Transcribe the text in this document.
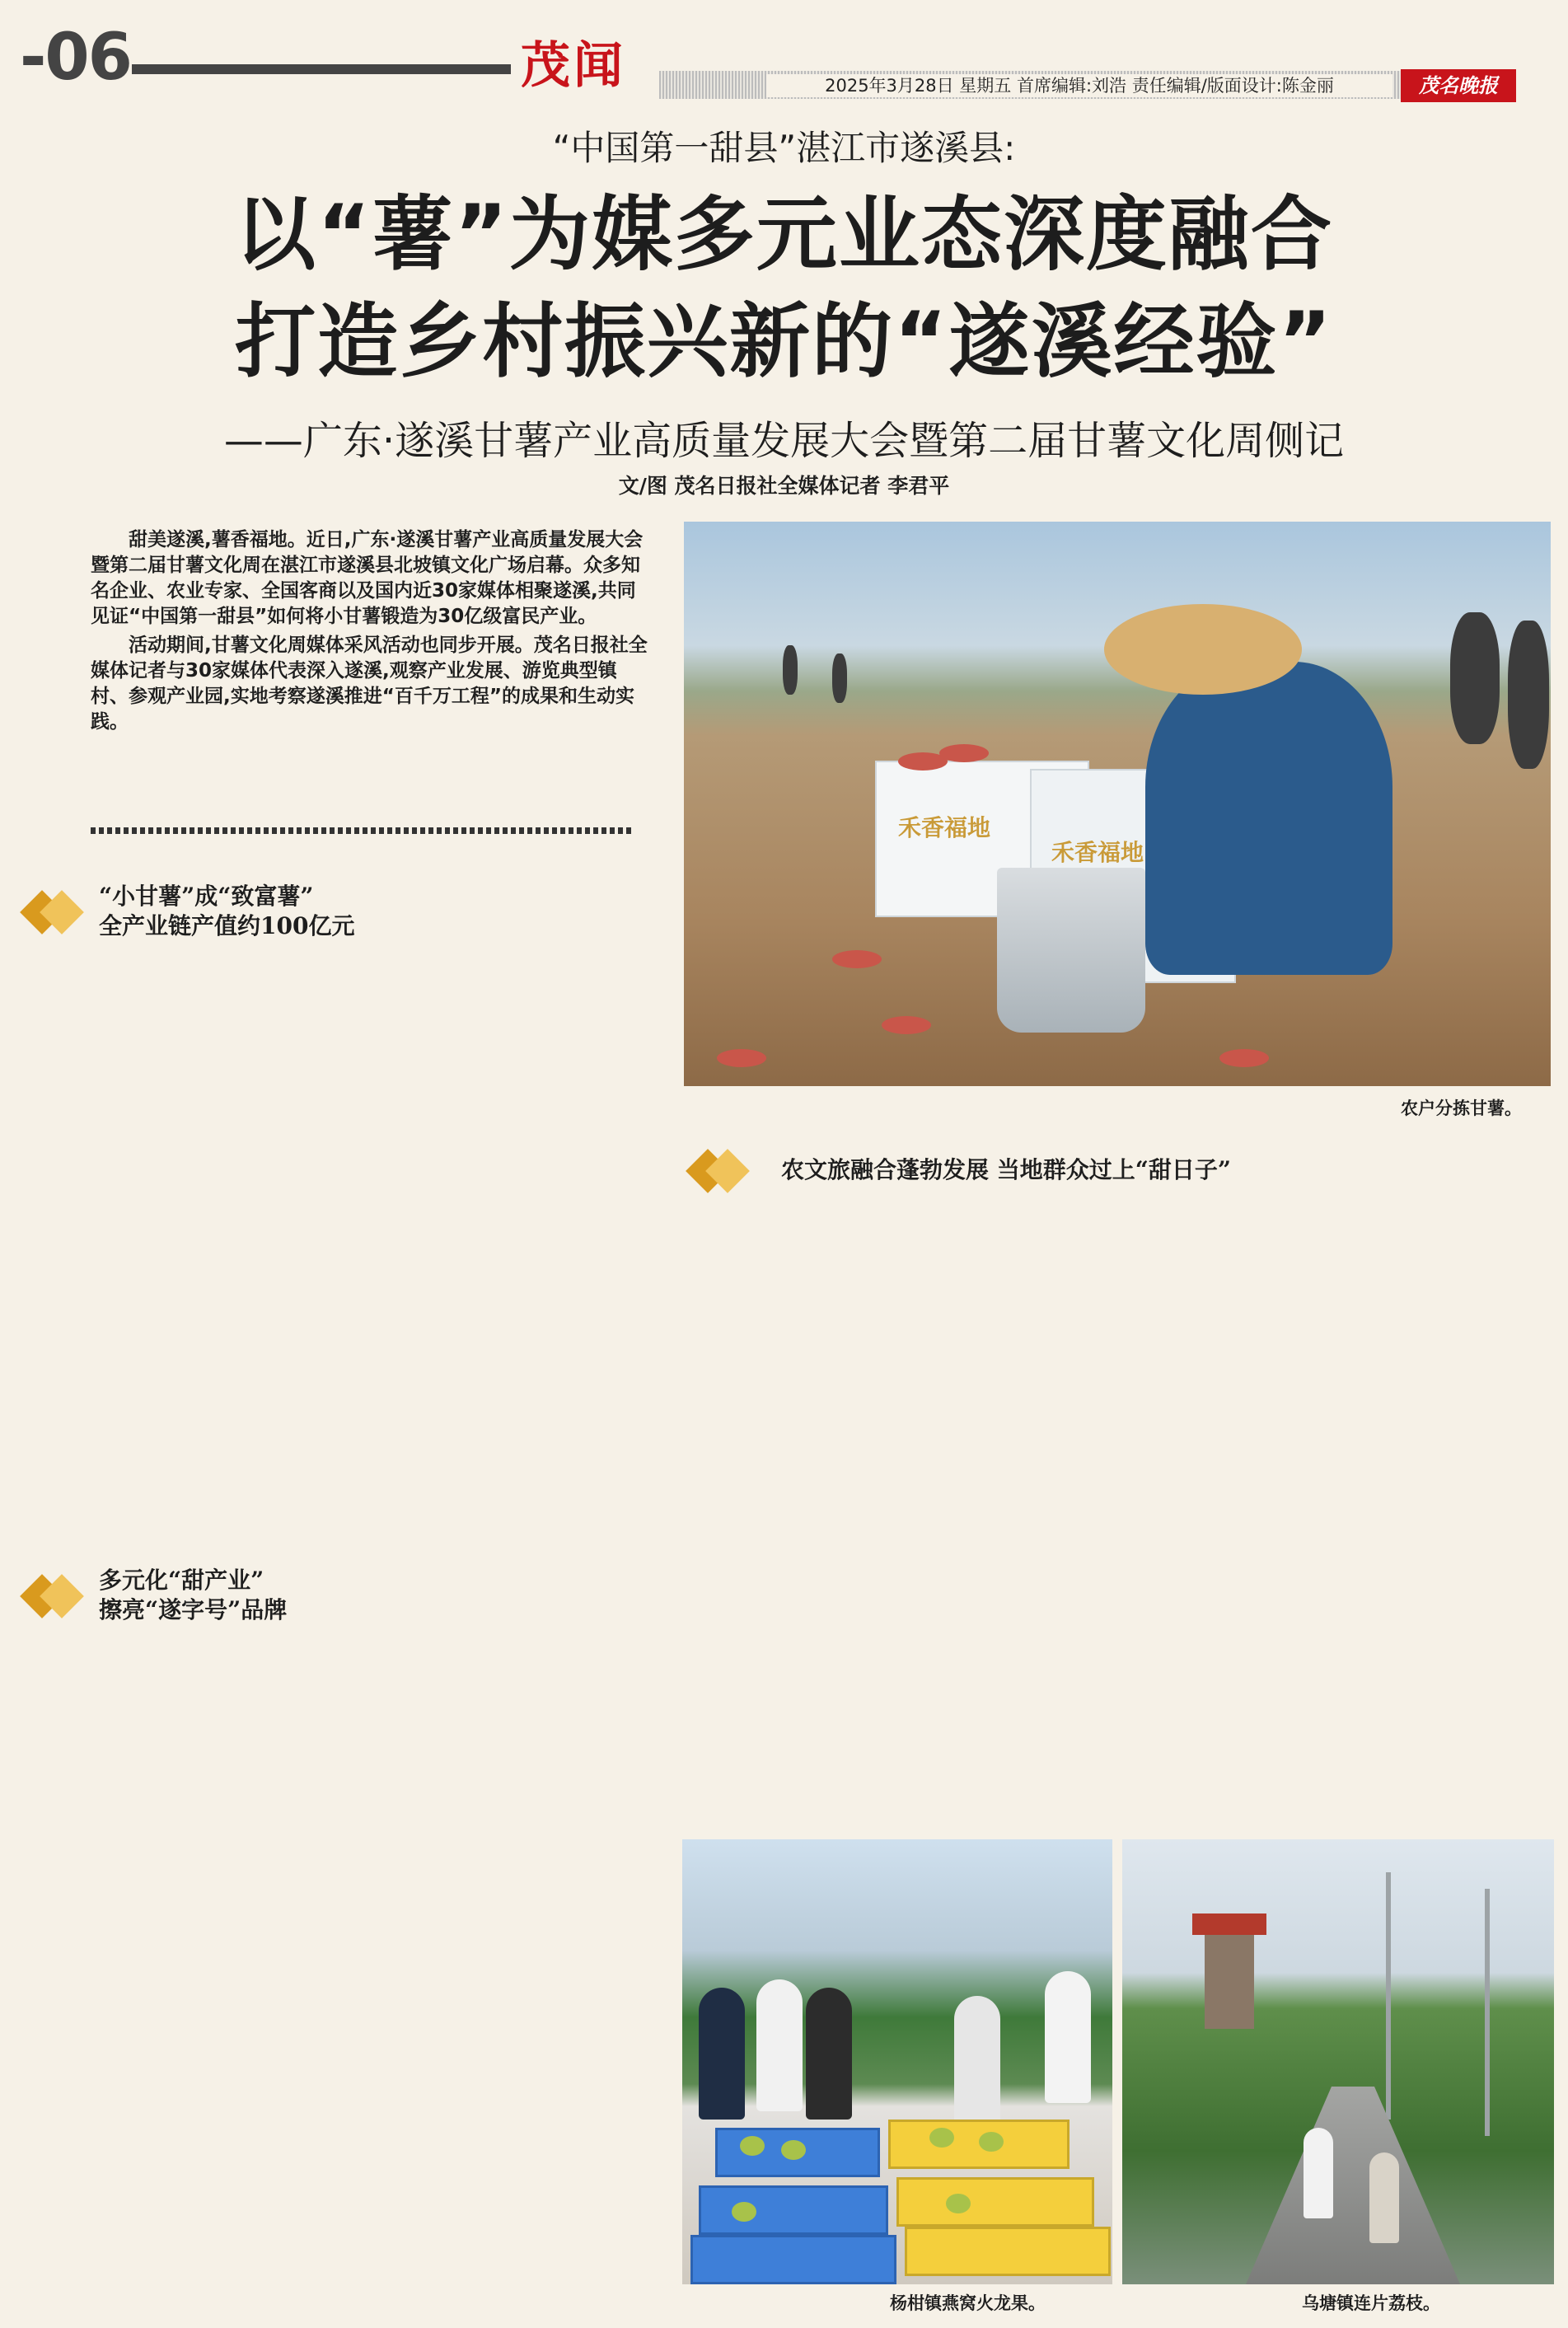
-06	茂闻	2025年3月28日 星期五 首席编辑:刘浩 责任编辑/版面设计:陈金丽	茂名晚报
“中国第一甜县”湛江市遂溪县:
以“薯”为媒多元业态深度融合
打造乡村振兴新的“遂溪经验”
——广东·遂溪甘薯产业高质量发展大会暨第二届甘薯文化周侧记
文/图 茂名日报社全媒体记者 李君平

甜美遂溪,薯香福地。近日,广东·遂溪甘薯产业高质量发展大会暨第二届甘薯文化周在湛江市遂溪县北坡镇文化广场启幕。众多知名企业、农业专家、全国客商以及国内近30家媒体相聚遂溪,共同见证“中国第一甜县”如何将小甘薯锻造为30亿级富民产业。

活动期间,甘薯文化周媒体采风活动也同步开展。茂名日报社全媒体记者与30家媒体代表深入遂溪,观察产业发展、游览典型镇村、参观产业园,实地考察遂溪推进“百千万工程”的成果和生动实践。

“小甘薯”成“致富薯”
全产业链产值约100亿元
多元化“甜产业”
擦亮“遂字号”品牌
禾香福地
禾香福地
农户分拣甘薯。
农文旅融合蓬勃发展 当地群众过上“甜日子”
杨柑镇燕窝火龙果。	乌塘镇连片荔枝。
